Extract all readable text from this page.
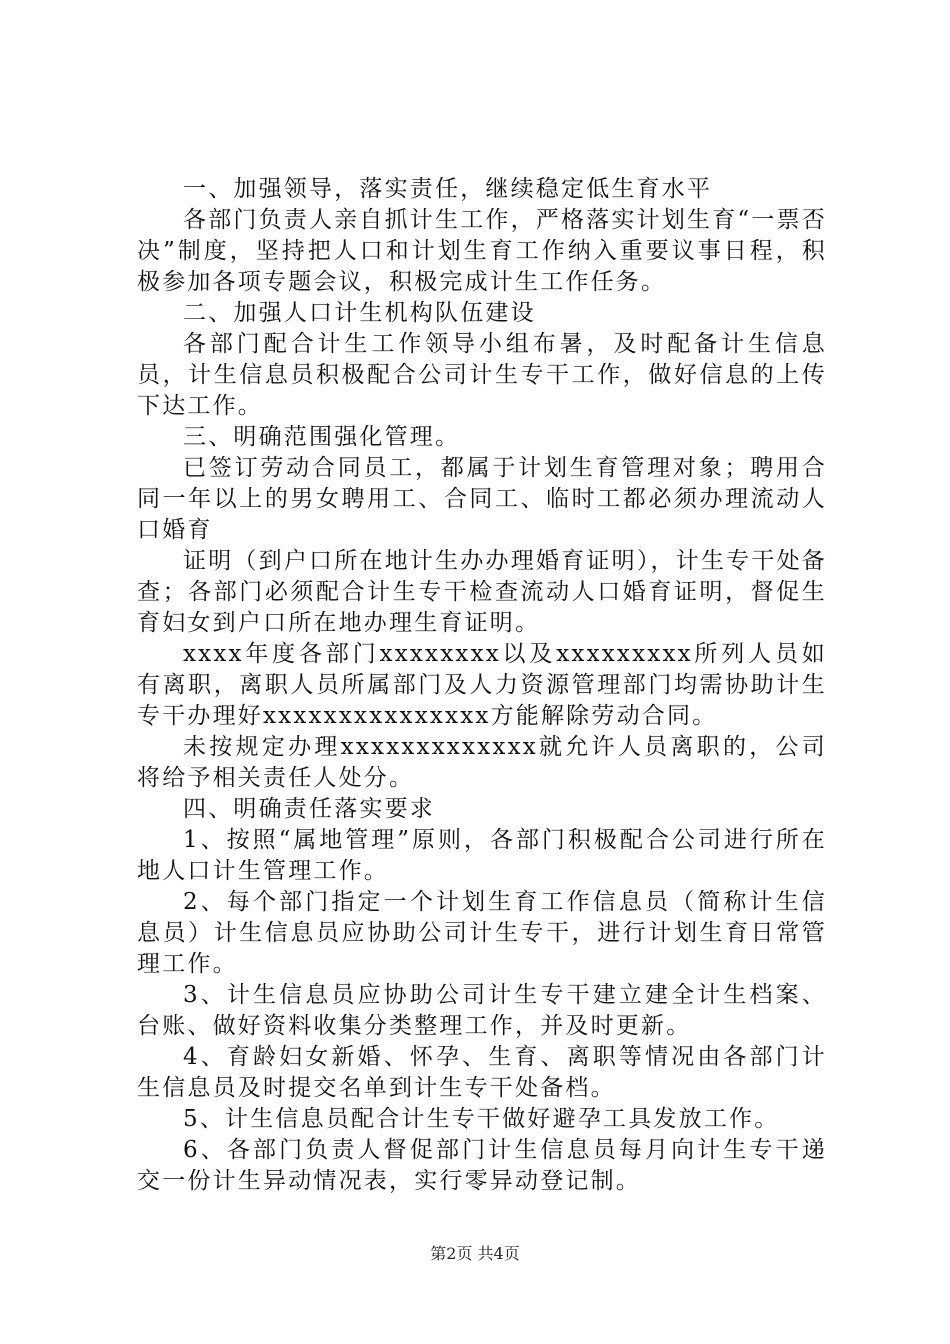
一、加强领导，落实责任，继续稳定低生育水平

各部门负责人亲自抓计生工作，严格落实计划生育“一票否决”制度，坚持把人口和计划生育工作纳入重要议事日程，积极参加各项专题会议，积极完成计生工作任务。

二、加强人口计生机构队伍建设

各部门配合计生工作领导小组布暑，及时配备计生信息员，计生信息员积极配合公司计生专干工作，做好信息的上传下达工作。

三、明确范围强化管理。

已签订劳动合同员工，都属于计划生育管理对象；聘用合同一年以上的男女聘用工、合同工、临时工都必须办理流动人口婚育

证明（到户口所在地计生办办理婚育证明），计生专干处备查；各部门必须配合计生专干检查流动人口婚育证明，督促生育妇女到户口所在地办理生育证明。

xxxx年度各部门xxxxxxxx以及xxxxxxxxx所列人员如有离职，离职人员所属部门及人力资源管理部门均需协助计生专干办理好xxxxxxxxxxxxxxx方能解除劳动合同。

未按规定办理xxxxxxxxxxxxx就允许人员离职的，公司将给予相关责任人处分。

四、明确责任落实要求

1、按照“属地管理”原则，各部门积极配合公司进行所在地人口计生管理工作。

2、每个部门指定一个计划生育工作信息员（简称计生信息员）计生信息员应协助公司计生专干，进行计划生育日常管理工作。

3、计生信息员应协助公司计生专干建立建全计生档案、台账、做好资料收集分类整理工作，并及时更新。

4、育龄妇女新婚、怀孕、生育、离职等情况由各部门计生信息员及时提交名单到计生专干处备档。

5、计生信息员配合计生专干做好避孕工具发放工作。

6、各部门负责人督促部门计生信息员每月向计生专干递交一份计生异动情况表，实行零异动登记制。

第2页 共4页
